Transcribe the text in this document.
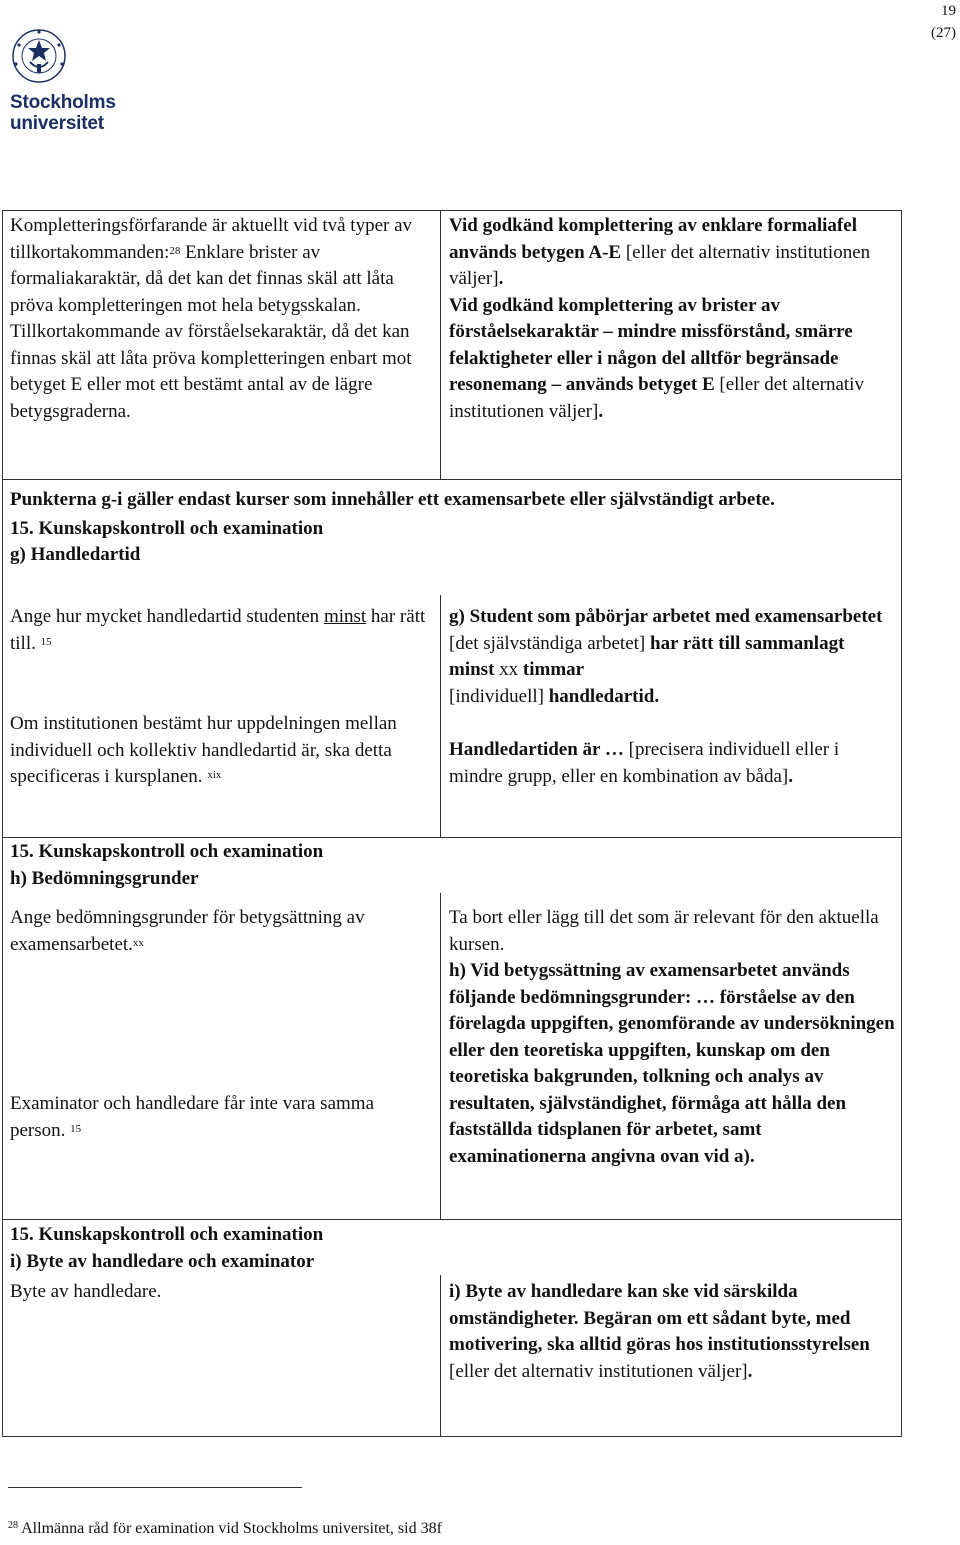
19
(27)
Stockholms
universitet

Kompletteringsförfarande är aktuellt vid två typer av tillkortakommanden:$^{28}$ Enklare brister av formaliakaraktär, då det kan det finnas skäl att låta pröva kompletteringen mot hela betygsskalan. Tillkortakommande av förståelsekaraktär, då det kan finnas skäl att låta pröva kompletteringen enbart mot betyget E eller mot ett bestämt antal av de lägre betygsgraderna.

Vid godkänd komplettering av enklare formaliafel används betygen A-E [eller det alternativ institutionen väljer].

Vid godkänd komplettering av brister av förståelsekaraktär – mindre missförstånd, smärre felaktigheter eller i någon del alltför begränsade resonemang – används betyget E [eller det alternativ institutionen väljer].

Punkterna g-i gäller endast kurser som innehåller ett examensarbete eller självständigt arbete.

15. Kunskapskontroll och examination

g) Handledartid

Ange hur mycket handledartid studenten minst har rätt till. $^{15}$

Om institutionen bestämt hur uppdelningen mellan individuell och kollektiv handledartid är, ska detta specificeras i kursplanen. $^{xix}$

g) Student som påbörjar arbetet med examensarbetet [det självständiga arbetet] har rätt till sammanlagt minst xx timmar
[individuell] handledartid.

Handledartiden är … [precisera individuell eller i mindre grupp, eller en kombination av båda].

15. Kunskapskontroll och examination

h) Bedömningsgrunder

Ange bedömningsgrunder för betygsättning av examensarbetet.$^{xx}$

Examinator och handledare får inte vara samma person. $^{15}$

Ta bort eller lägg till det som är relevant för den aktuella kursen.

h) Vid betygssättning av examensarbetet används följande bedömningsgrunder: … förståelse av den förelagda uppgiften, genomförande av undersökningen eller den teoretiska uppgiften, kunskap om den teoretiska bakgrunden, tolkning och analys av resultaten, självständighet, förmåga att hålla den fastställda tidsplanen för arbetet, samt examinationerna angivna ovan vid a).

15. Kunskapskontroll och examination

i) Byte av handledare och examinator

Byte av handledare.	i) Byte av handledare kan ske vid särskilda omständigheter. Begäran om ett sådant byte, med motivering, ska alltid göras hos institutionsstyrelsen [eller det alternativ institutionen väljer].

$^{28}$ Allmänna råd för examination vid Stockholms universitet, sid 38f
